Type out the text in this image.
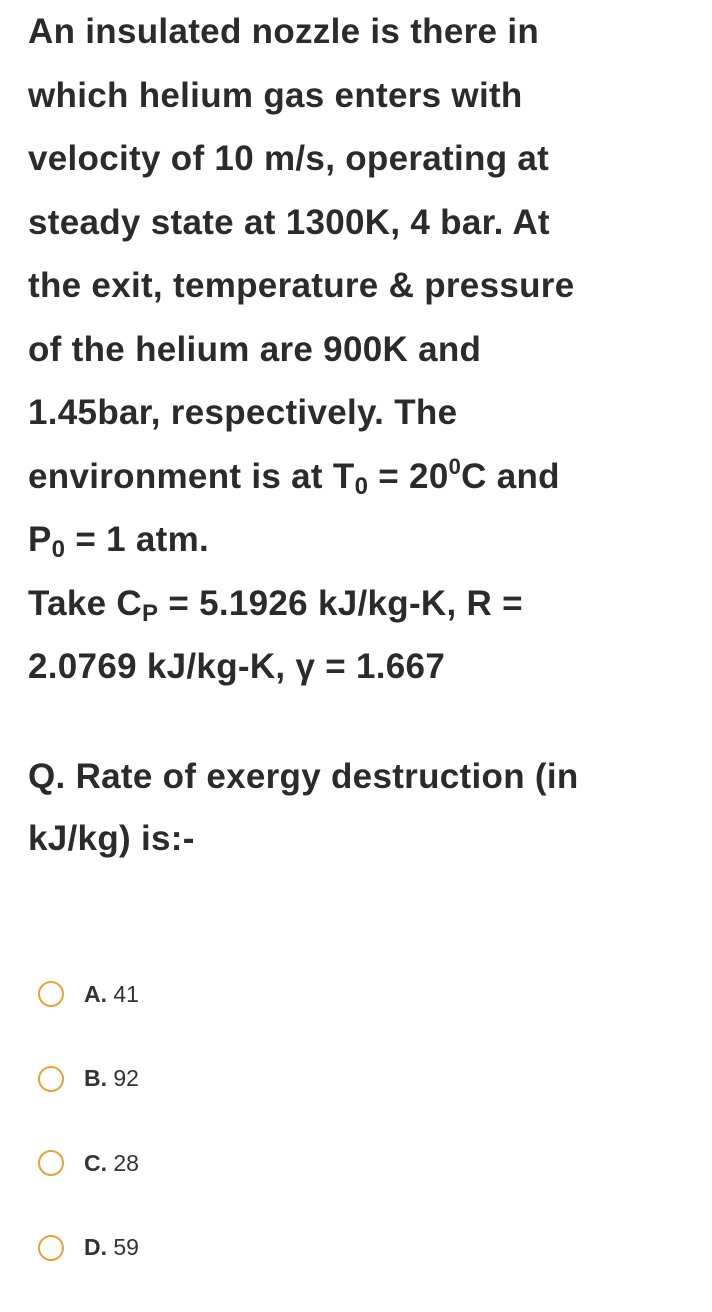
An insulated nozzle is there in
which helium gas enters with
velocity of 10 m/s, operating at
steady state at 1300K, 4 bar. At
the exit, temperature & pressure
of the helium are 900K and
1.45bar, respectively. The
environment is at $T_0 = 20^0C$ and
$P_0 = 1$ atm.
Take $C_P = 5.1926$ kJ/kg-K, R =
2.0769 kJ/kg-K, γ = 1.667
Q. Rate of exergy destruction (in
kJ/kg) is:-
A. 41
B. 92
C. 28
D. 59
